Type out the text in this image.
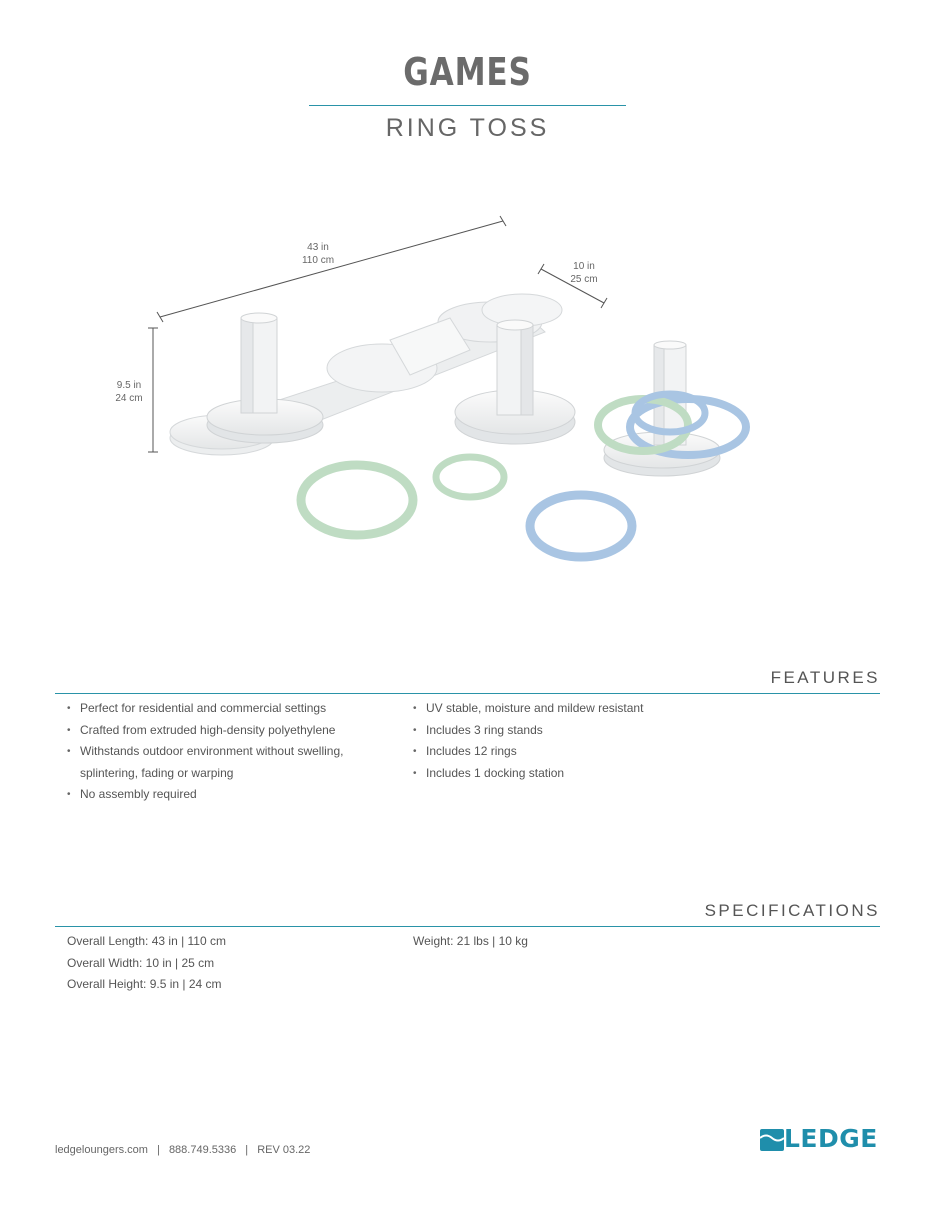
GAMES
RING TOSS
43 in
110 cm
10 in
25 cm
9.5 in
24 cm
FEATURES
• Perfect for residential and commercial settings
• Crafted from extruded high-density polyethylene
• Withstands outdoor environment without swelling, splintering, fading or warping
• No assembly required
• UV stable, moisture and mildew resistant
• Includes 3 ring stands
• Includes 12 rings
• Includes 1 docking station
SPECIFICATIONS
Overall Length: 43 in | 110 cm
Overall Width: 10 in | 25 cm
Overall Height: 9.5 in | 24 cm
Weight: 21 lbs | 10 kg
ledgeloungers.com | 888.749.5336 | REV 03.22	LEDGE
